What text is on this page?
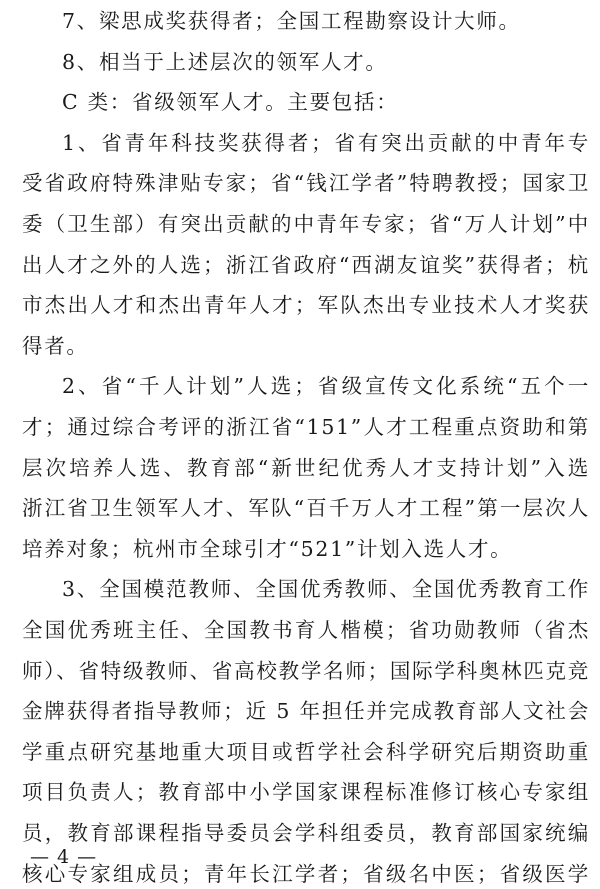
7、梁思成奖获得者；全国工程勘察设计大师。
8、相当于上述层次的领军人才。
C 类：省级领军人才。主要包括：
1、省青年科技奖获得者；省有突出贡献的中青年专
受省政府特殊津贴专家；省“钱江学者”特聘教授；国家卫
委（卫生部）有突出贡献的中青年专家；省“万人计划”中
出人才之外的人选；浙江省政府“西湖友谊奖”获得者；杭
市杰出人才和杰出青年人才；军队杰出专业技术人才奖获
得者。
2、省“千人计划”人选；省级宣传文化系统“五个一
才；通过综合考评的浙江省“151”人才工程重点资助和第
层次培养人选、教育部“新世纪优秀人才支持计划”入选
浙江省卫生领军人才、军队“百千万人才工程”第一层次人
培养对象；杭州市全球引才“521”计划入选人才。
3、全国模范教师、全国优秀教师、全国优秀教育工作
全国优秀班主任、全国教书育人楷模；省功勋教师（省杰
师）、省特级教师、省高校教学名师；国际学科奥林匹克竞
金牌获得者指导教师；近 5 年担任并完成教育部人文社会
学重点研究基地重大项目或哲学社会科学研究后期资助重
项目负责人；教育部中小学国家课程标准修订核心专家组
员，教育部课程指导委员会学科组委员，教育部国家统编
核心专家组成员；青年长江学者；省级名中医；省级医学
— 4 —
